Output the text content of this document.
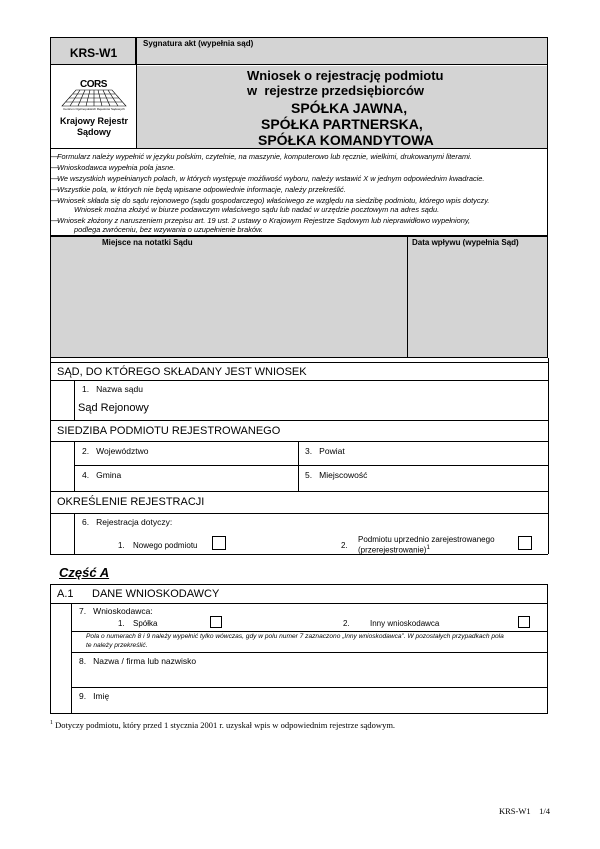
KRS-W1
Sygnatura akt (wypełnia sąd)
CORS
Centrum Ogólnopolskich Rejestrów Sądowych
Krajowy Rejestr Sądowy
Wniosek o rejestrację podmiotu
w  rejestrze przedsiębiorców
SPÓŁKA JAWNA,
SPÓŁKA PARTNERSKA,
SPÓŁKA KOMANDYTOWA
— Formularz należy wypełnić w języku polskim, czytelnie, na maszynie, komputerowo lub ręcznie, wielkimi, drukowanymi literami.
— Wnioskodawca wypełnia pola jasne.
— We wszystkich wypełnianych polach, w których występuje możliwość wyboru, należy wstawić X w jednym odpowiednim kwadracie.
— Wszystkie pola, w których nie będą wpisane odpowiednie informacje, należy przekreślić.
— Wniosek składa się do sądu rejonowego (sądu gospodarczego) właściwego ze względu na siedzibę podmiotu, którego wpis dotyczy.
Wniosek można złożyć w biurze podawczym właściwego sądu lub nadać w urzędzie pocztowym na adres sądu.
— Wniosek złożony z naruszeniem przepisu art. 19 ust. 2 ustawy o Krajowym Rejestrze Sądowym lub nieprawidłowo wypełniony,
podlega zwróceniu, bez wzywania o uzupełnienie braków.
Miejsce na notatki Sądu	Data wpływu (wypełnia Sąd)
SĄD, DO KTÓREGO SKŁADANY JEST WNIOSEK
1.   Nazwa sądu
Sąd Rejonowy
SIEDZIBA PODMIOTU REJESTROWANEGO
2.   Województwo	3.   Powiat
4.   Gmina	5.   Miejscowość
OKREŚLENIE REJESTRACJI
6.   Rejestracja dotyczy:
1. Nowego podmiotu	2.
Podmiotu uprzednio zarejestrowanego
(przerejestrowanie)$^1$
Część A
A.1 DANE WNIOSKODAWCY
7.   Wnioskodawca:
1. Spółka	2.	Inny wnioskodawca
Pola o numerach 8 i 9 należy wypełnić tylko wówczas, gdy w polu numer 7 zaznaczono „Inny wnioskodawca”. W pozostałych przypadkach pola
te należy przekreślić.
8.   Nazwa / firma lub nazwisko
9.   Imię
$^1$ Dotyczy podmiotu, który przed 1 stycznia 2001 r. uzyskał wpis w odpowiednim rejestrze sądowym.
KRS-W1 1/4
